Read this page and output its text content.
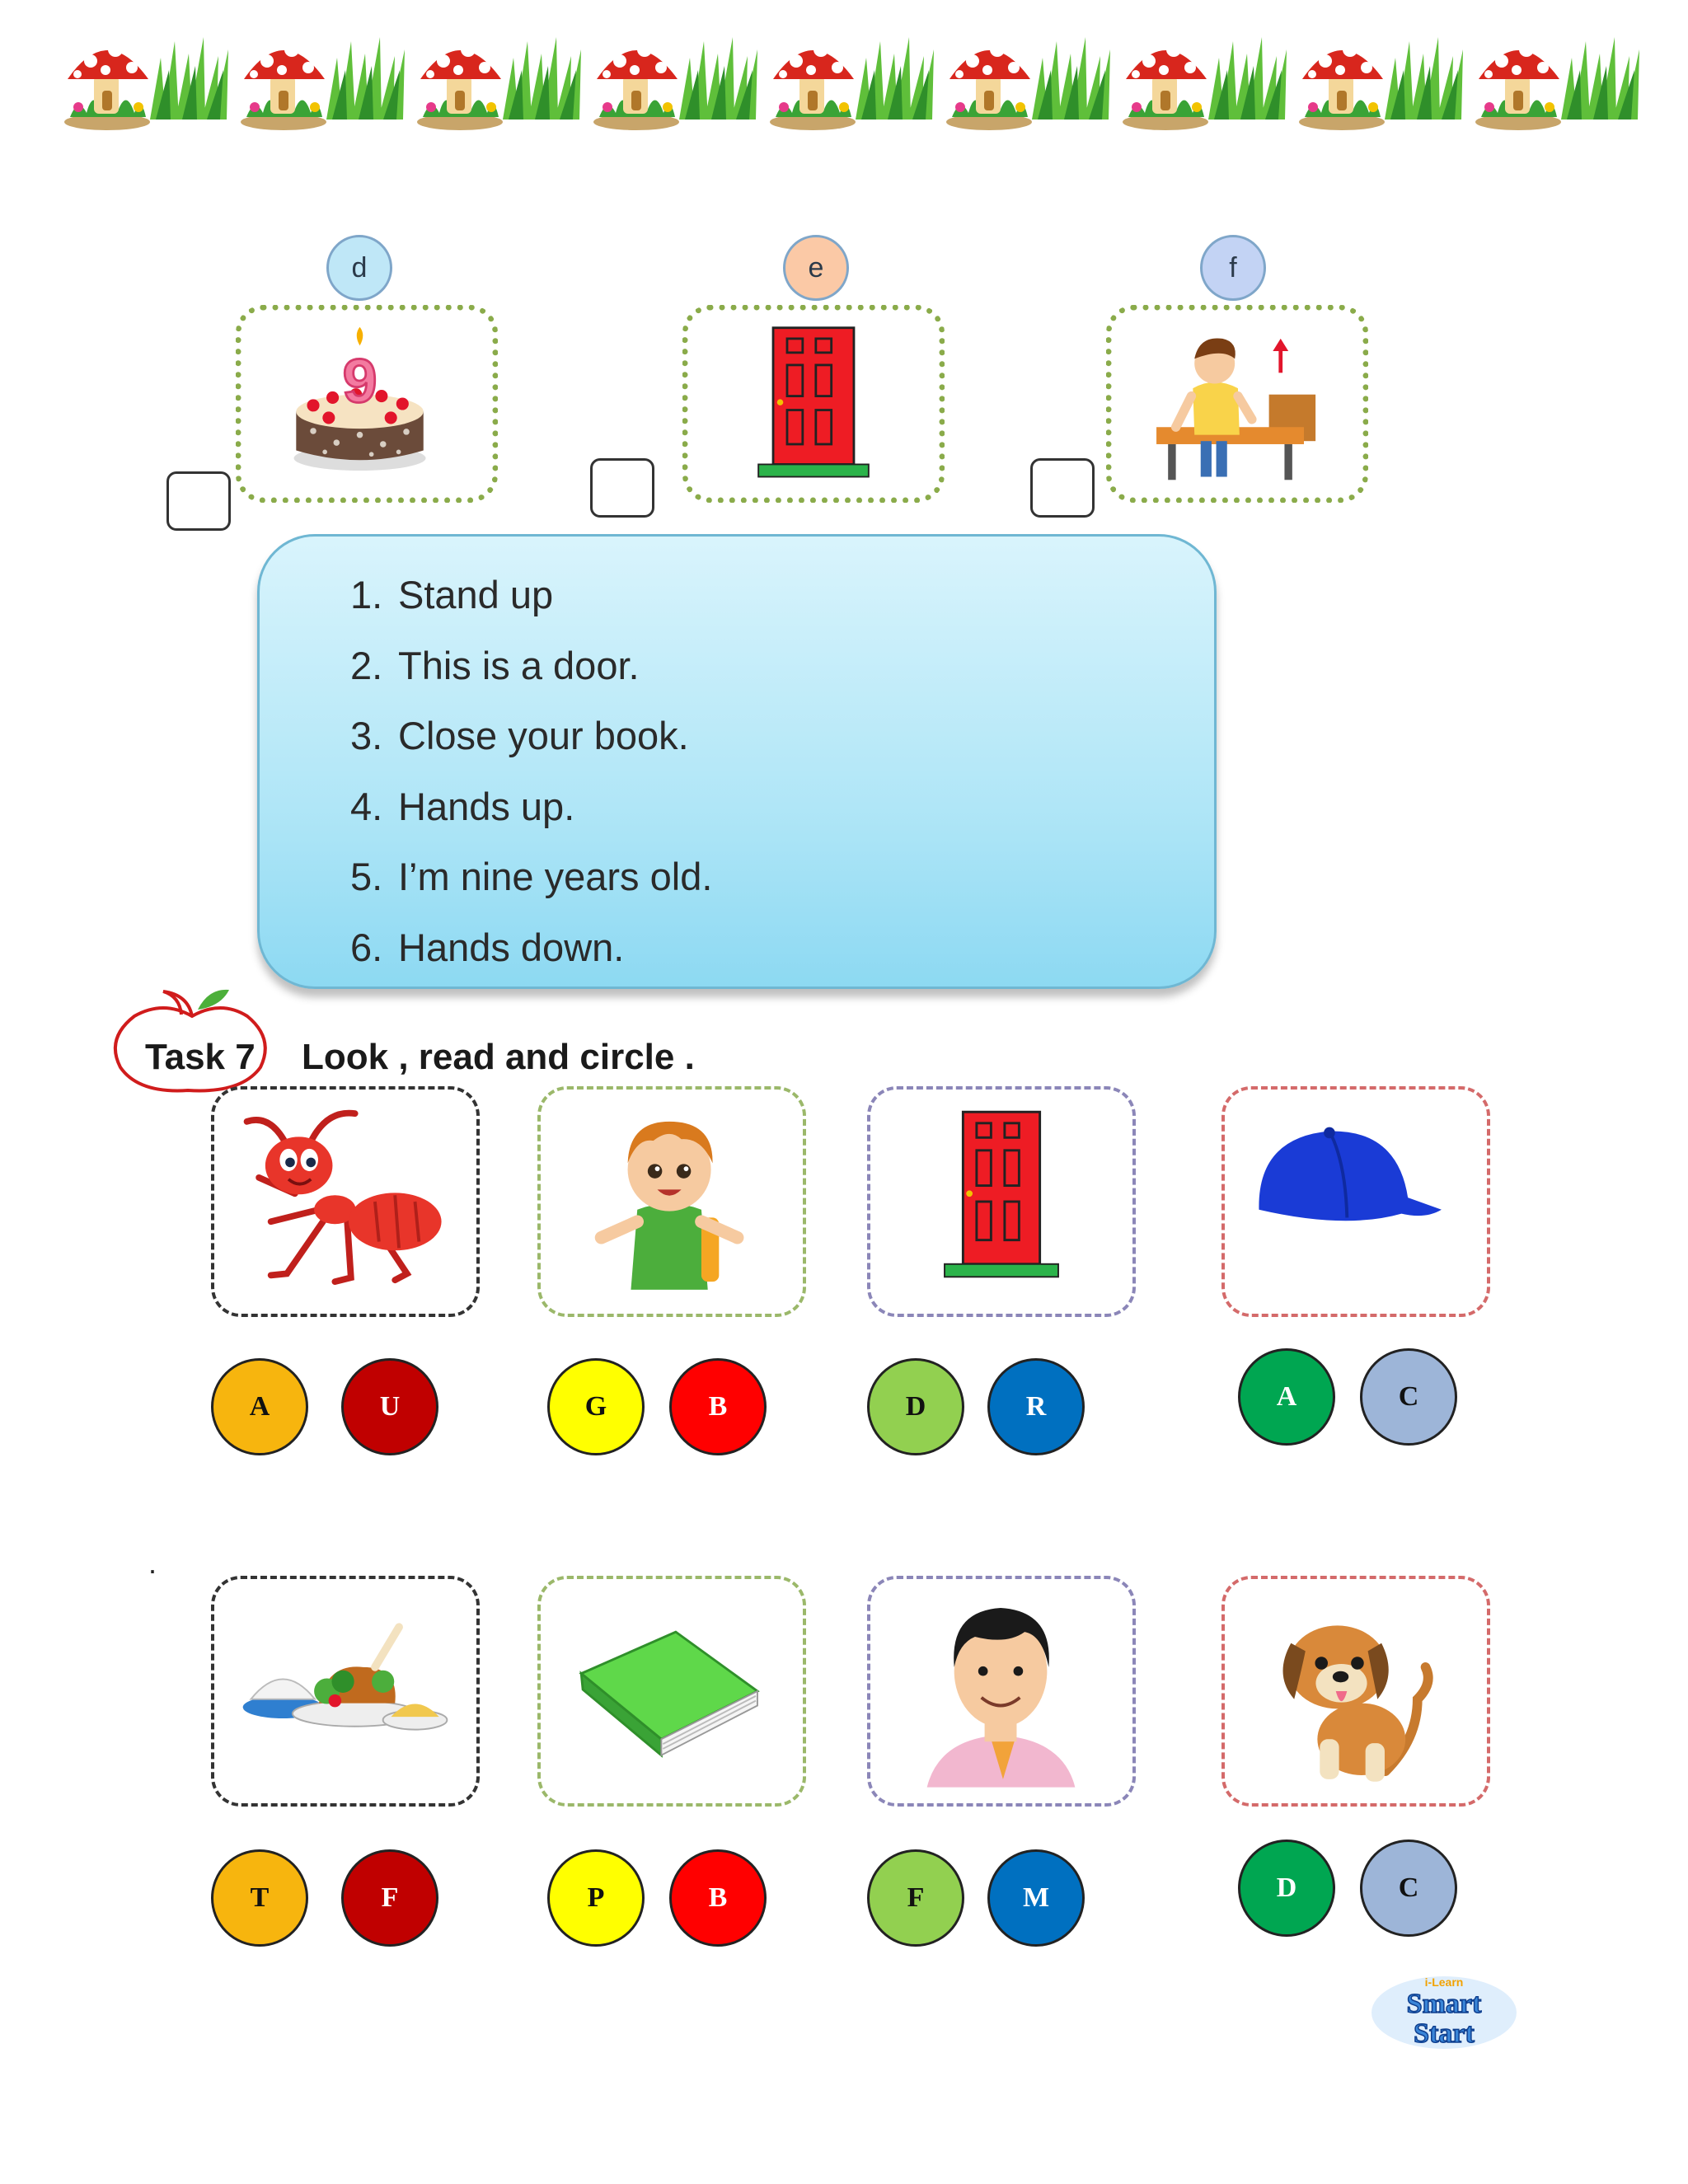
d	e	f
9
1. Stand up
2. This is a door.
3. Close your book.
4. Hands up.
5. I’m nine years old.
6. Hands down.
Task 7 Look , read and circle .
A	U	G	B	D	R	A	C
.
T	F	P	B	F	M	D	C
i-Learn
Smart
Start
